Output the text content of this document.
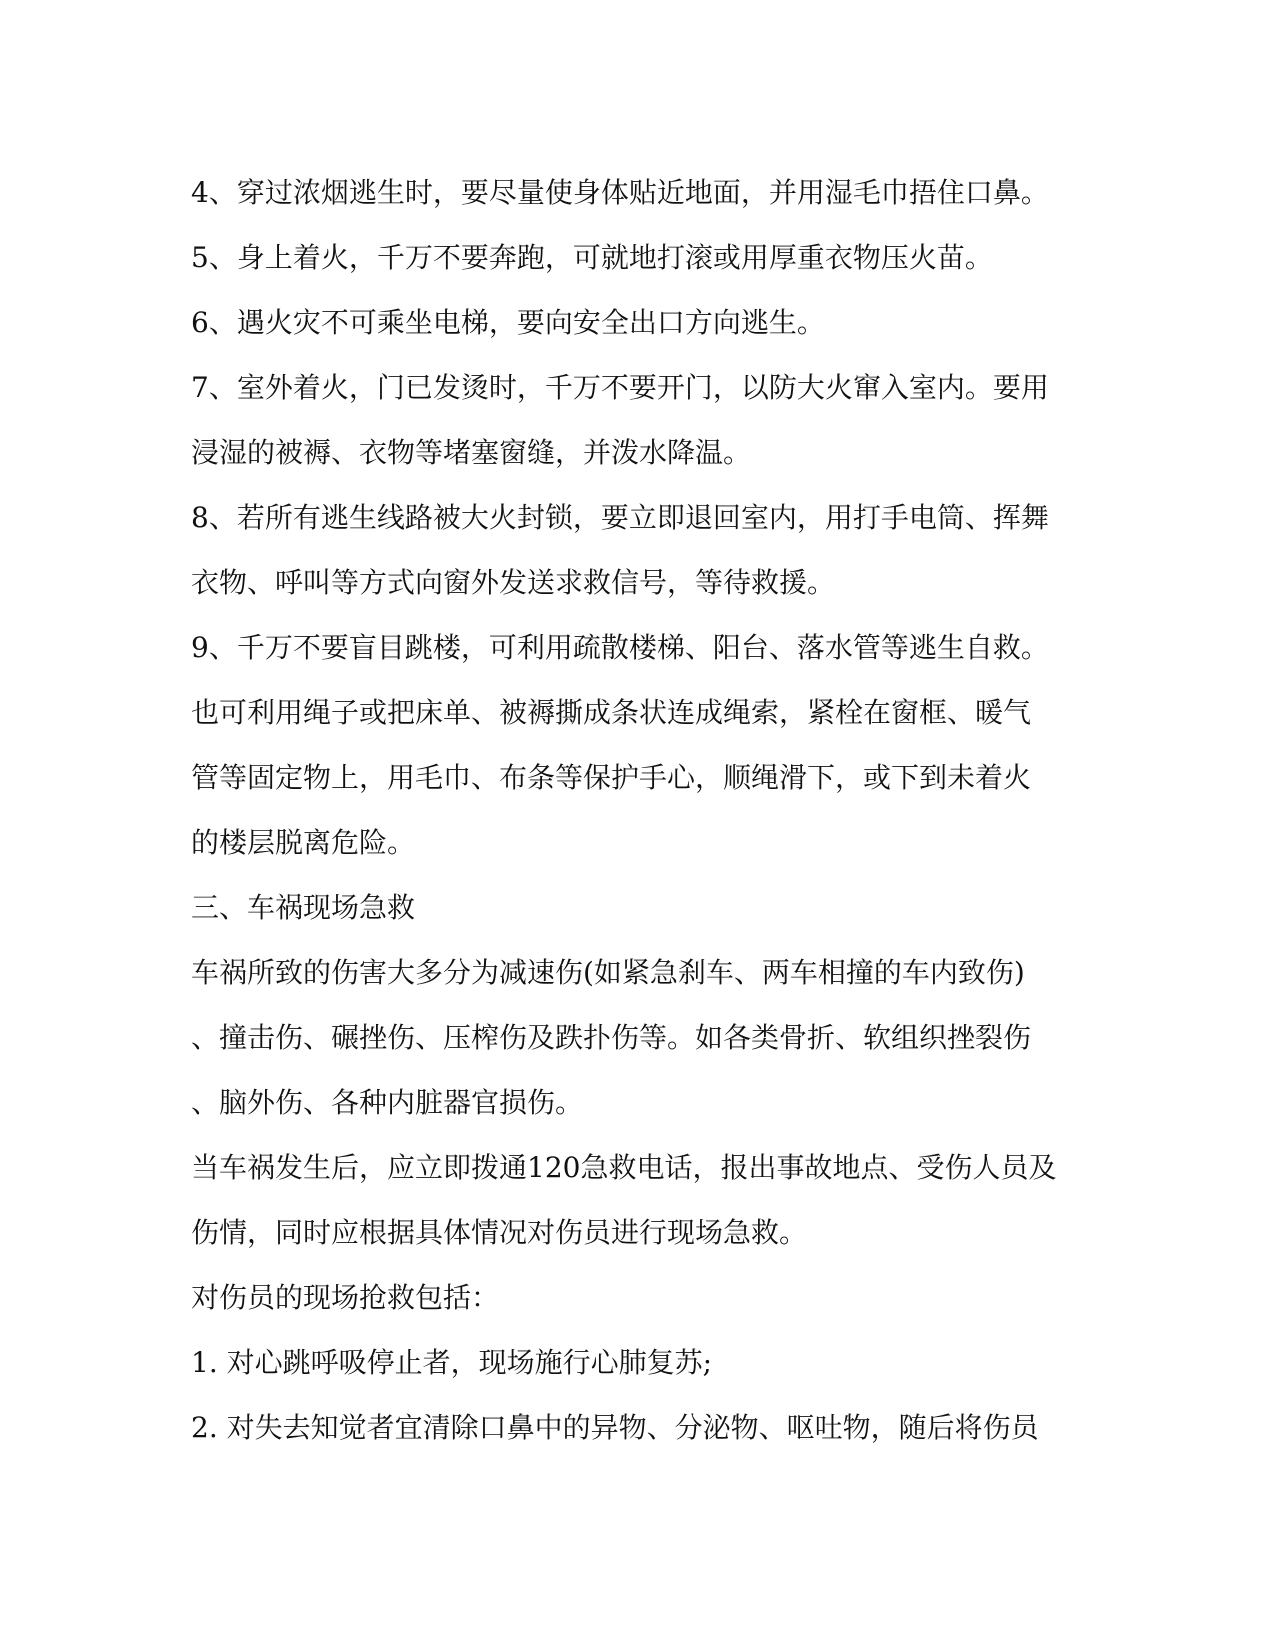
4、穿过浓烟逃生时，要尽量使身体贴近地面，并用湿毛巾捂住口鼻。
5、身上着火，千万不要奔跑，可就地打滚或用厚重衣物压火苗。
6、遇火灾不可乘坐电梯，要向安全出口方向逃生。
7、室外着火，门已发烫时，千万不要开门，以防大火窜入室内。要用
浸湿的被褥、衣物等堵塞窗缝，并泼水降温。
8、若所有逃生线路被大火封锁，要立即退回室内，用打手电筒、挥舞
衣物、呼叫等方式向窗外发送求救信号，等待救援。
9、千万不要盲目跳楼，可利用疏散楼梯、阳台、落水管等逃生自救。
也可利用绳子或把床单、被褥撕成条状连成绳索，紧栓在窗框、暖气
管等固定物上，用毛巾、布条等保护手心，顺绳滑下，或下到未着火
的楼层脱离危险。
三、车祸现场急救
车祸所致的伤害大多分为减速伤(如紧急刹车、两车相撞的车内致伤)
、撞击伤、碾挫伤、压榨伤及跌扑伤等。如各类骨折、软组织挫裂伤
、脑外伤、各种内脏器官损伤。
当车祸发生后，应立即拨通120急救电话，报出事故地点、受伤人员及
伤情，同时应根据具体情况对伤员进行现场急救。
对伤员的现场抢救包括：
1. 对心跳呼吸停止者，现场施行心肺复苏;
2. 对失去知觉者宜清除口鼻中的异物、分泌物、呕吐物，随后将伤员
